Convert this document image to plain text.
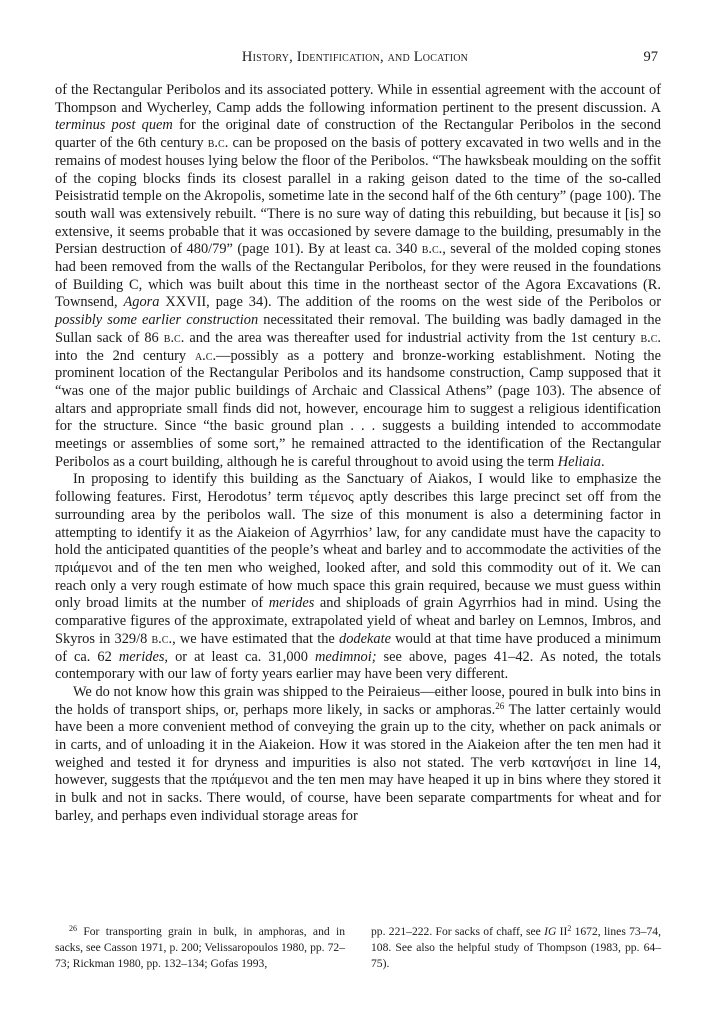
History, Identification, and Location	97

of the Rectangular Peribolos and its associated pottery. While in essential agreement with the account of Thompson and Wycherley, Camp adds the following information pertinent to the present discussion. A terminus post quem for the original date of construction of the Rectangular Peribolos in the second quarter of the 6th century b.c. can be proposed on the basis of pottery excavated in two wells and in the remains of modest houses lying below the floor of the Peribolos. “The hawksbeak moulding on the soffit of the coping blocks finds its closest parallel in a raking geison dated to the time of the so-called Peisistratid temple on the Akropolis, sometime late in the second half of the 6th century” (page 100). The south wall was extensively rebuilt. “There is no sure way of dating this rebuilding, but because it [is] so extensive, it seems probable that it was occasioned by severe damage to the building, presumably in the Persian destruction of 480/79” (page 101). By at least ca. 340 b.c., several of the molded coping stones had been removed from the walls of the Rectangular Peribolos, for they were reused in the foundations of Building C, which was built about this time in the northeast sector of the Agora Excavations (R. Townsend, Agora XXVII, page 34). The addition of the rooms on the west side of the Peribolos or possibly some earlier construction necessitated their removal. The building was badly damaged in the Sullan sack of 86 b.c. and the area was thereafter used for industrial activity from the 1st century b.c. into the 2nd century a.c.—possibly as a pottery and bronze-working establishment. Noting the prominent location of the Rectangular Peribolos and its handsome construction, Camp supposed that it “was one of the major public buildings of Archaic and Classical Athens” (page 103). The absence of altars and appropriate small finds did not, however, encourage him to suggest a religious identification for the structure. Since “the basic ground plan . . . suggests a building intended to accommodate meetings or assemblies of some sort,” he remained attracted to the identification of the Rectangular Peribolos as a court building, although he is careful throughout to avoid using the term Heliaia.

In proposing to identify this building as the Sanctuary of Aiakos, I would like to emphasize the following features. First, Herodotus’ term τέμενος aptly describes this large precinct set off from the surrounding area by the peribolos wall. The size of this monument is also a determining factor in attempting to identify it as the Aiakeion of Agyrrhios’ law, for any candidate must have the capacity to hold the anticipated quantities of the people’s wheat and barley and to accommodate the activities of the πριάμενοι and of the ten men who weighed, looked after, and sold this commodity out of it. We can reach only a very rough estimate of how much space this grain required, because we must guess within only broad limits at the number of merides and shiploads of grain Agyrrhios had in mind. Using the comparative figures of the approximate, extrapolated yield of wheat and barley on Lemnos, Imbros, and Skyros in 329/8 b.c., we have estimated that the dodekate would at that time have produced a minimum of ca. 62 merides, or at least ca. 31,000 medimnoi; see above, pages 41–42. As noted, the totals contemporary with our law of forty years earlier may have been very different.

We do not know how this grain was shipped to the Peiraieus—either loose, poured in bulk into bins in the holds of transport ships, or, perhaps more likely, in sacks or amphoras.$^{26}$ The latter certainly would have been a more convenient method of conveying the grain up to the city, whether on pack animals or in carts, and of unloading it in the Aiakeion. How it was stored in the Aiakeion after the ten men had it weighed and tested it for dryness and impurities is also not stated. The verb κατανήσει in line 14, however, suggests that the πριάμενοι and the ten men may have heaped it up in bins where they stored it in bulk and not in sacks. There would, of course, have been separate compartments for wheat and for barley, and perhaps even individual storage areas for

$^{26}$ For transporting grain in bulk, in amphoras, and in sacks, see Casson 1971, p. 200; Velissaropoulos 1980, pp. 72–73; Rickman 1980, pp. 132–134; Gofas 1993,
pp. 221–222. For sacks of chaff, see IG $II^2$ 1672, lines 73–74, 108. See also the helpful study of Thompson (1983, pp. 64–75).
